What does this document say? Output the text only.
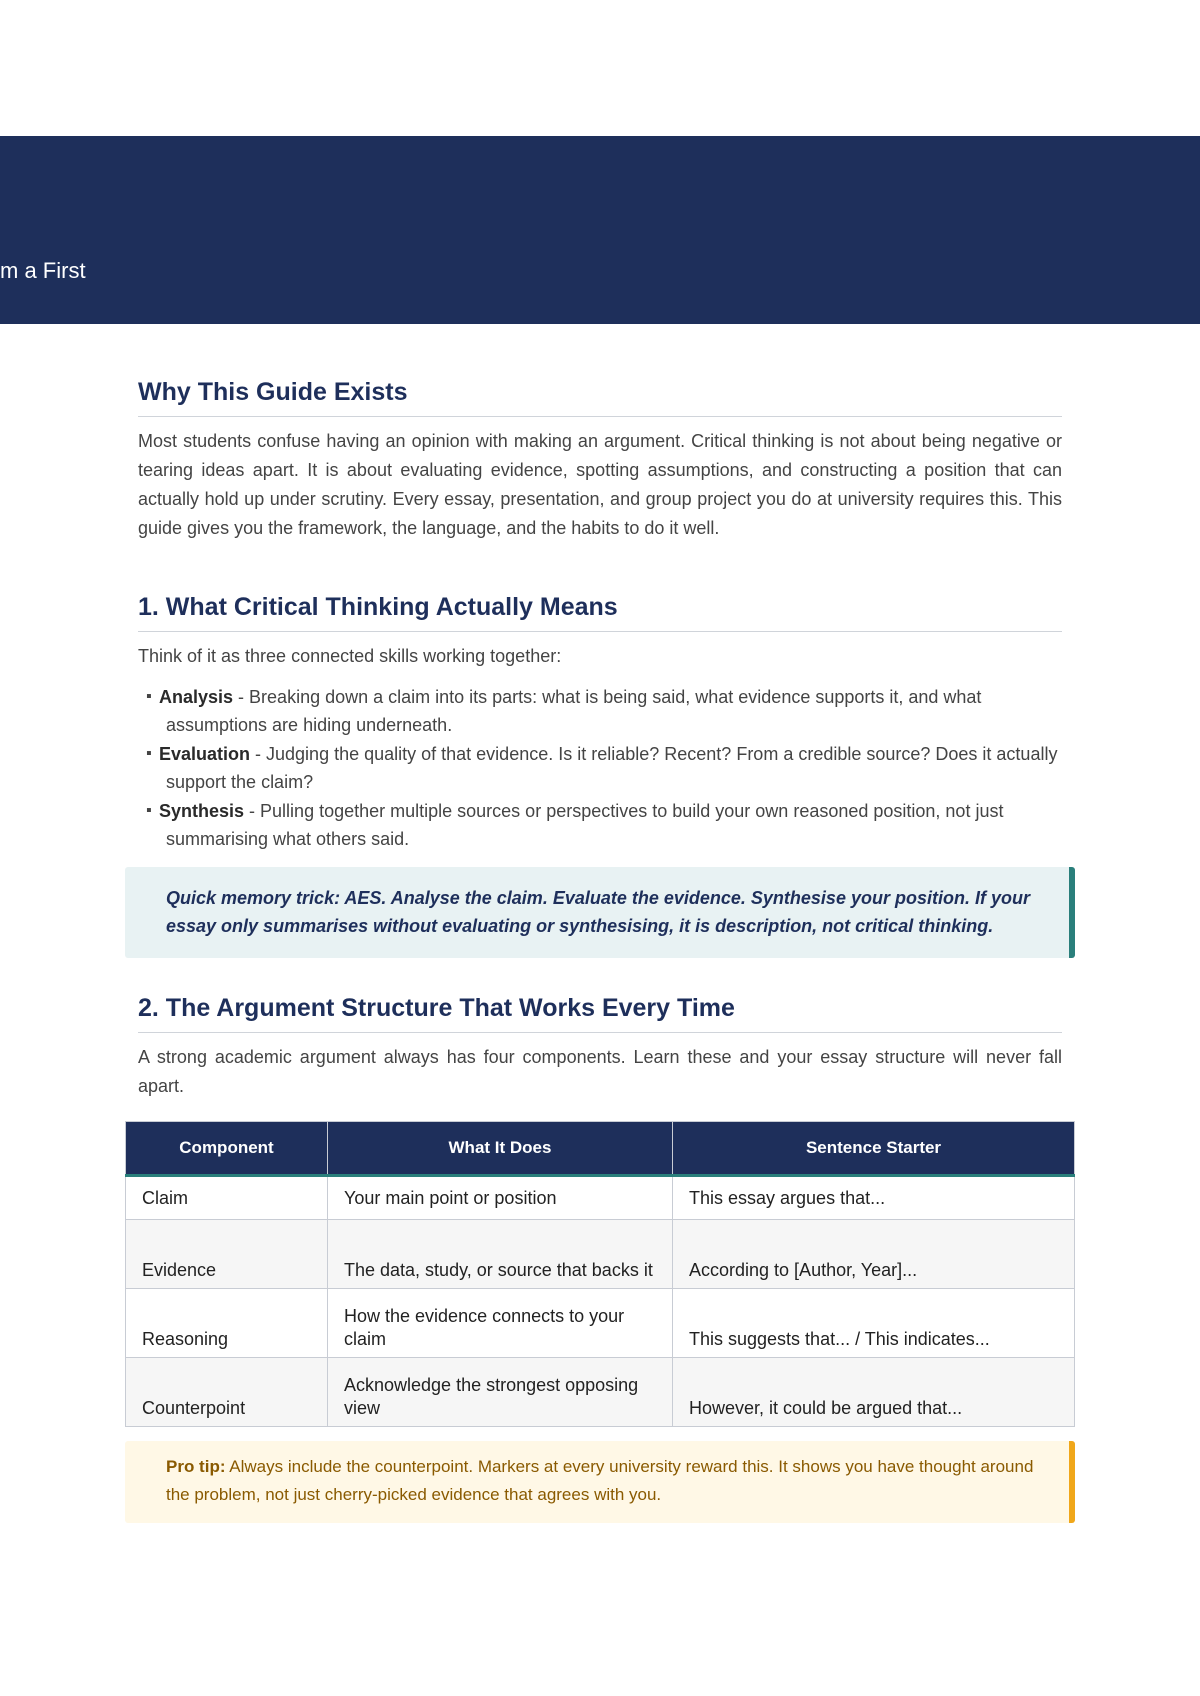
m a First
Why This Guide Exists

Most students confuse having an opinion with making an argument. Critical thinking is not about being negative or tearing ideas apart. It is about evaluating evidence, spotting assumptions, and constructing a position that can actually hold up under scrutiny. Every essay, presentation, and group project you do at university requires this. This guide gives you the framework, the language, and the habits to do it well.

1. What Critical Thinking Actually Means

Think of it as three connected skills working together:

▪ Analysis - Breaking down a claim into its parts: what is being said, what evidence supports it, and what assumptions are hiding underneath.
▪ Evaluation - Judging the quality of that evidence. Is it reliable? Recent? From a credible source? Does it actually support the claim?
▪ Synthesis - Pulling together multiple sources or perspectives to build your own reasoned position, not just summarising what others said.
Quick memory trick: AES. Analyse the claim. Evaluate the evidence. Synthesise your position. If your essay only summarises without evaluating or synthesising, it is description, not critical thinking.
2. The Argument Structure That Works Every Time

A strong academic argument always has four components. Learn these and your essay structure will never fall apart.

Component	What It Does	Sentence Starter
Claim	Your main point or position	This essay argues that...
Evidence	The data, study, or source that backs it	According to [Author, Year]...
Reasoning	How the evidence connects to your claim	This suggests that... / This indicates...
Counterpoint	Acknowledge the strongest opposing view	However, it could be argued that...
Pro tip: Always include the counterpoint. Markers at every university reward this. It shows you have thought around the problem, not just cherry-picked evidence that agrees with you.
